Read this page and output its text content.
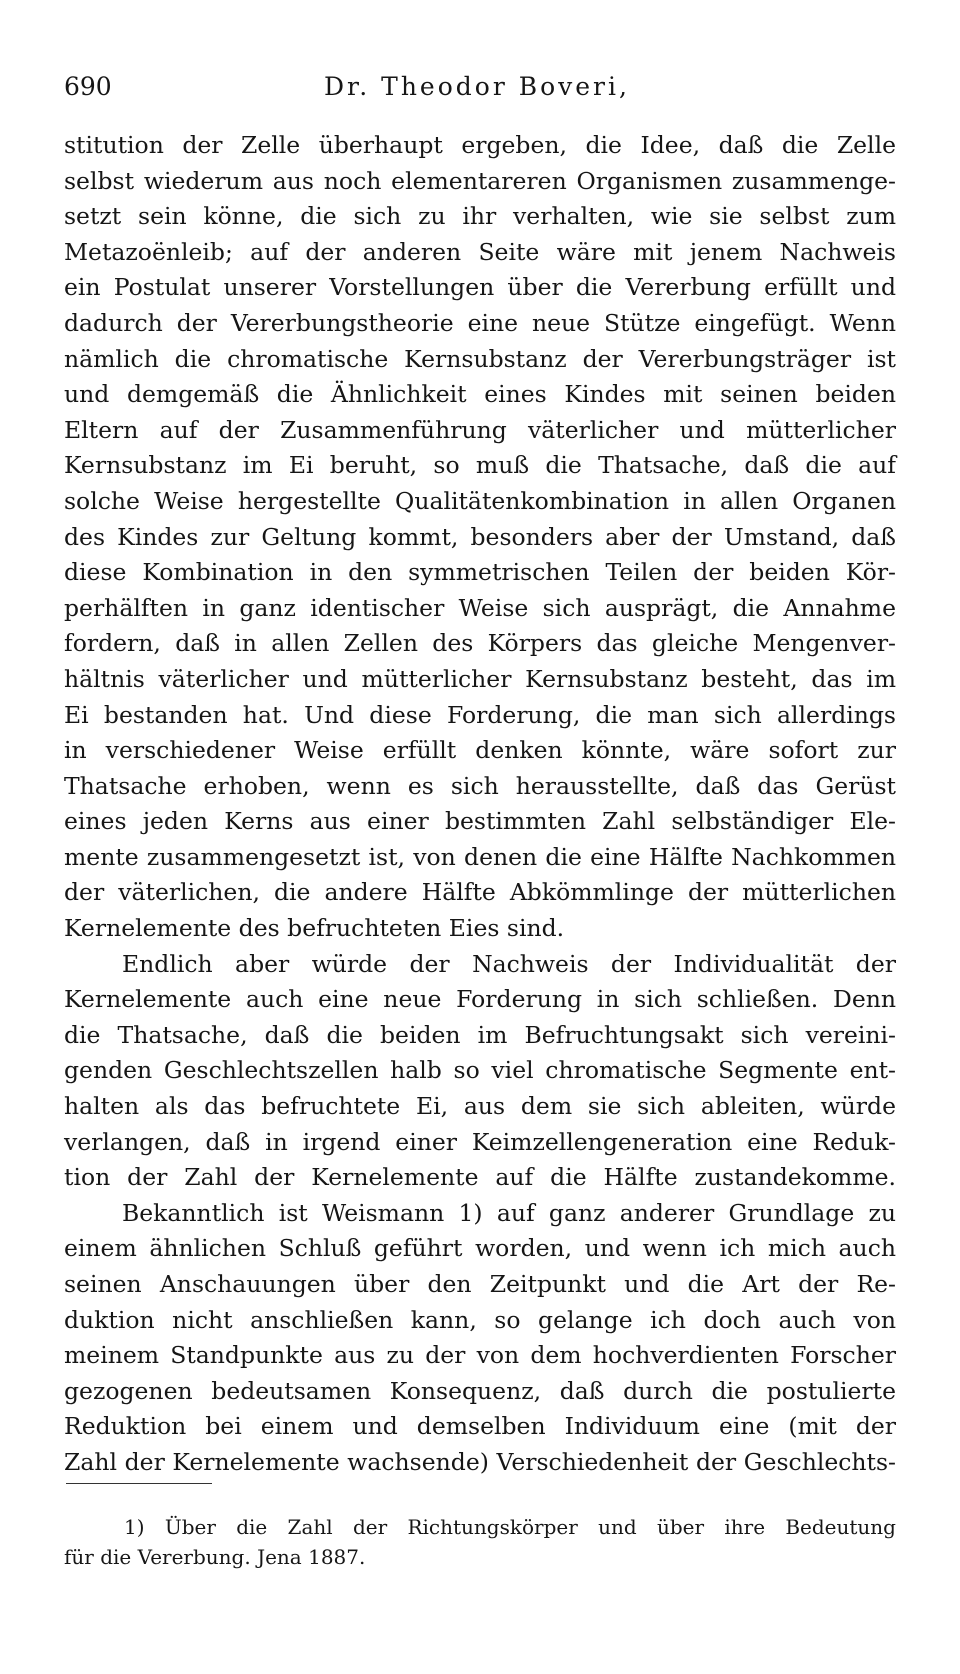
690	Dr. Theodor Boveri,
stitution der Zelle überhaupt ergeben, die Idee, daß die Zelle
selbst wiederum aus noch elementareren Organismen zusammenge-
setzt sein könne, die sich zu ihr verhalten, wie sie selbst zum
Metazoënleib; auf der anderen Seite wäre mit jenem Nachweis
ein Postulat unserer Vorstellungen über die Vererbung erfüllt und
dadurch der Vererbungstheorie eine neue Stütze eingefügt. Wenn
nämlich die chromatische Kernsubstanz der Vererbungsträger ist
und demgemäß die Ähnlichkeit eines Kindes mit seinen beiden
Eltern auf der Zusammenführung väterlicher und mütterlicher
Kernsubstanz im Ei beruht, so muß die Thatsache, daß die auf
solche Weise hergestellte Qualitätenkombination in allen Organen
des Kindes zur Geltung kommt, besonders aber der Umstand, daß
diese Kombination in den symmetrischen Teilen der beiden Kör-
perhälften in ganz identischer Weise sich ausprägt, die Annahme
fordern, daß in allen Zellen des Körpers das gleiche Mengenver-
hältnis väterlicher und mütterlicher Kernsubstanz besteht, das im
Ei bestanden hat. Und diese Forderung, die man sich allerdings
in verschiedener Weise erfüllt denken könnte, wäre sofort zur
Thatsache erhoben, wenn es sich herausstellte, daß das Gerüst
eines jeden Kerns aus einer bestimmten Zahl selbständiger Ele-
mente zusammengesetzt ist, von denen die eine Hälfte Nachkommen
der väterlichen, die andere Hälfte Abkömmlinge der mütterlichen
Kernelemente des befruchteten Eies sind.
Endlich aber würde der Nachweis der Individualität der
Kernelemente auch eine neue Forderung in sich schließen. Denn
die Thatsache, daß die beiden im Befruchtungsakt sich vereini-
genden Geschlechtszellen halb so viel chromatische Segmente ent-
halten als das befruchtete Ei, aus dem sie sich ableiten, würde
verlangen, daß in irgend einer Keimzellengeneration eine Reduk-
tion der Zahl der Kernelemente auf die Hälfte zustandekomme.
Bekanntlich ist Weismann 1) auf ganz anderer Grundlage zu
einem ähnlichen Schluß geführt worden, und wenn ich mich auch
seinen Anschauungen über den Zeitpunkt und die Art der Re-
duktion nicht anschließen kann, so gelange ich doch auch von
meinem Standpunkte aus zu der von dem hochverdienten Forscher
gezogenen bedeutsamen Konsequenz, daß durch die postulierte
Reduktion bei einem und demselben Individuum eine (mit der
Zahl der Kernelemente wachsende) Verschiedenheit der Geschlechts-
1) Über die Zahl der Richtungskörper und über ihre Bedeutung
für die Vererbung. Jena 1887.
